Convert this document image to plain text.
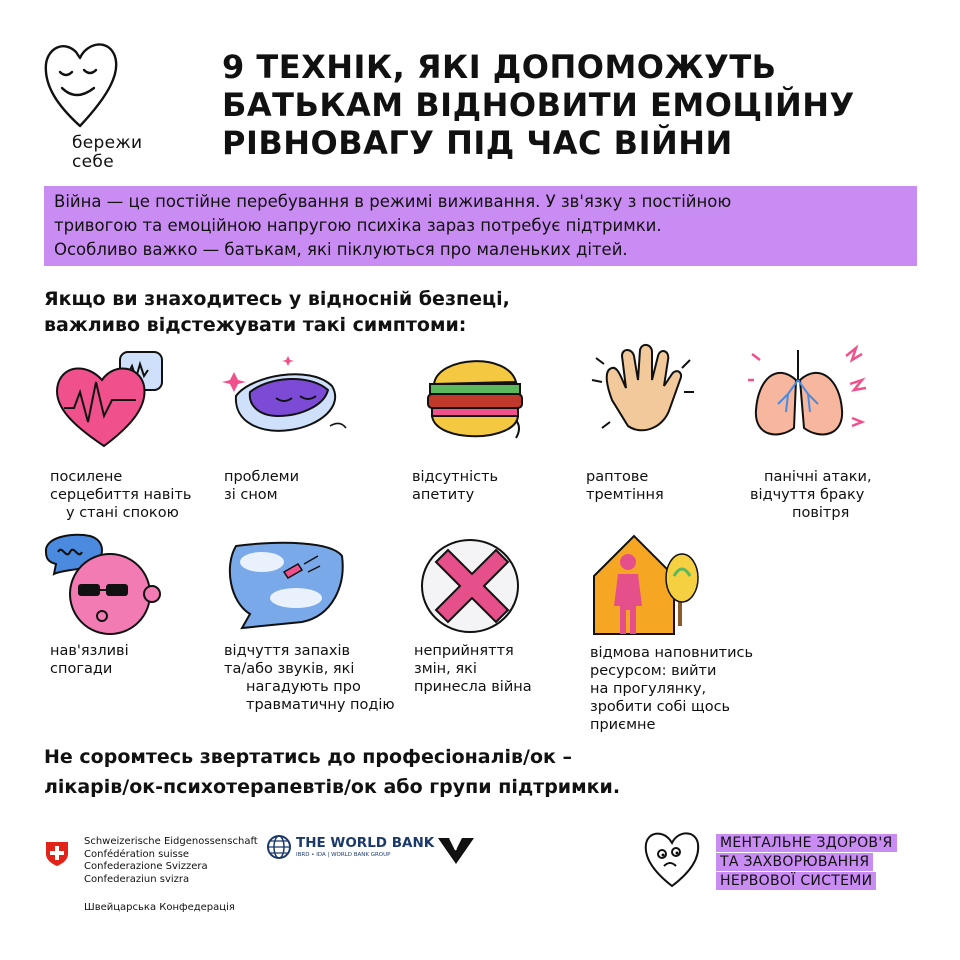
бережи
себе
9 ТЕХНІК, ЯКІ ДОПОМОЖУТЬ
БАТЬКАМ ВІДНОВИТИ ЕМОЦІЙНУ
РІВНОВАГУ ПІД ЧАС ВІЙНИ
Війна — це постійне перебування в режимі виживання. У зв'язку з постійною
тривогою та емоційною напругою психіка зараз потребує підтримки.
Особливо важко — батькам, які піклуються про маленьких дітей.
Якщо ви знаходитесь у відносній безпеці,
важливо відстежувати такі симптоми:
посилене
серцебиття навіть
у стані спокою
проблеми
зі сном
відсутність
апетиту
раптове
тремтіння
панічні атаки,
відчуття браку
повітря
нав'язливі
спогади
відчуття запахів
та/або звуків, які
нагадують про
травматичну подію
неприйняття
змін, які
принесла війна
відмова наповнитись
ресурсом: вийти
на прогулянку,
зробити собі щось
приємне
Не соромтесь звертатись до професіоналів/ок –
лікарів/ок-психотерапевтів/ок або групи підтримки.
Schweizerische Eidgenossenschaft
Confédération suisse
Confederazione Svizzera
Confederaziun svizra
Швейцарська Конфедерація
THE WORLD BANK
IBRD • IDA | WORLD BANK GROUP
МЕНТАЛЬНЕ ЗДОРОВ'Я
ТА ЗАХВОРЮВАННЯ
НЕРВОВОЇ СИСТЕМИ
